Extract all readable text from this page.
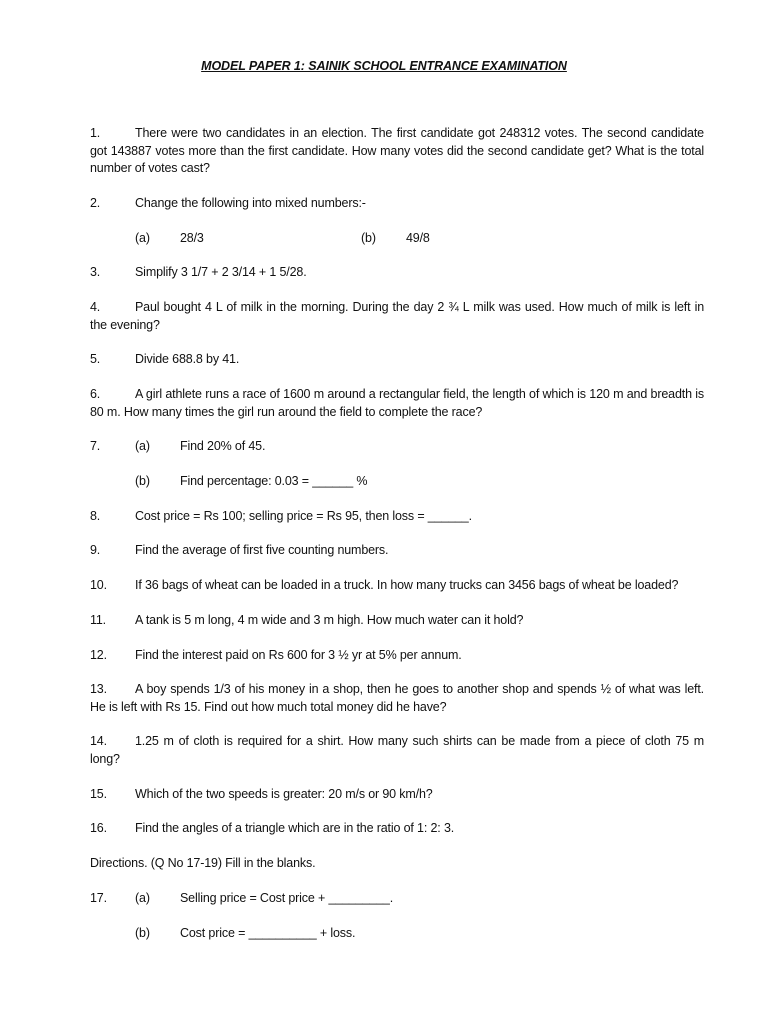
MODEL PAPER 1: SAINIK SCHOOL ENTRANCE EXAMINATION
1.	There were two candidates in an election. The first candidate got 248312 votes. The second candidate got 143887 votes more than the first candidate. How many votes did the second candidate get? What is the total number of votes cast?
2.	Change the following into mixed numbers:-
(a) 28/3	(b) 49/8
3.	Simplify 3 1/7 + 2 3/14 + 1 5/28.
4.	Paul bought 4 L of milk in the morning. During the day 2 ¾ L milk was used. How much of milk is left in the evening?
5.	Divide 688.8 by 41.
6.	A girl athlete runs a race of 1600 m around a rectangular field, the length of which is 120 m and breadth is 80 m. How many times the girl run around the field to complete the race?
7.	(a) Find 20% of 45.
(b) Find percentage: 0.03 = ______ %
8.	Cost price = Rs 100; selling price = Rs 95, then loss = ______.
9.	Find the average of first five counting numbers.
10. If 36 bags of wheat can be loaded in a truck. In how many trucks can 3456 bags of wheat be loaded?
11. A tank is 5 m long, 4 m wide and 3 m high. How much water can it hold?
12. Find the interest paid on Rs 600 for 3 ½ yr at 5% per annum.
13. A boy spends 1/3 of his money in a shop, then he goes to another shop and spends ½ of what was left. He is left with Rs 15. Find out how much total money did he have?
14. 1.25 m of cloth is required for a shirt. How many such shirts can be made from a piece of cloth 75 m long?
15. Which of the two speeds is greater: 20 m/s or 90 km/h?
16. Find the angles of a triangle which are in the ratio of 1: 2: 3.
Directions. (Q No 17-19) Fill in the blanks.
17. (a) Selling price = Cost price + _________.
(b) Cost price = __________ + loss.
